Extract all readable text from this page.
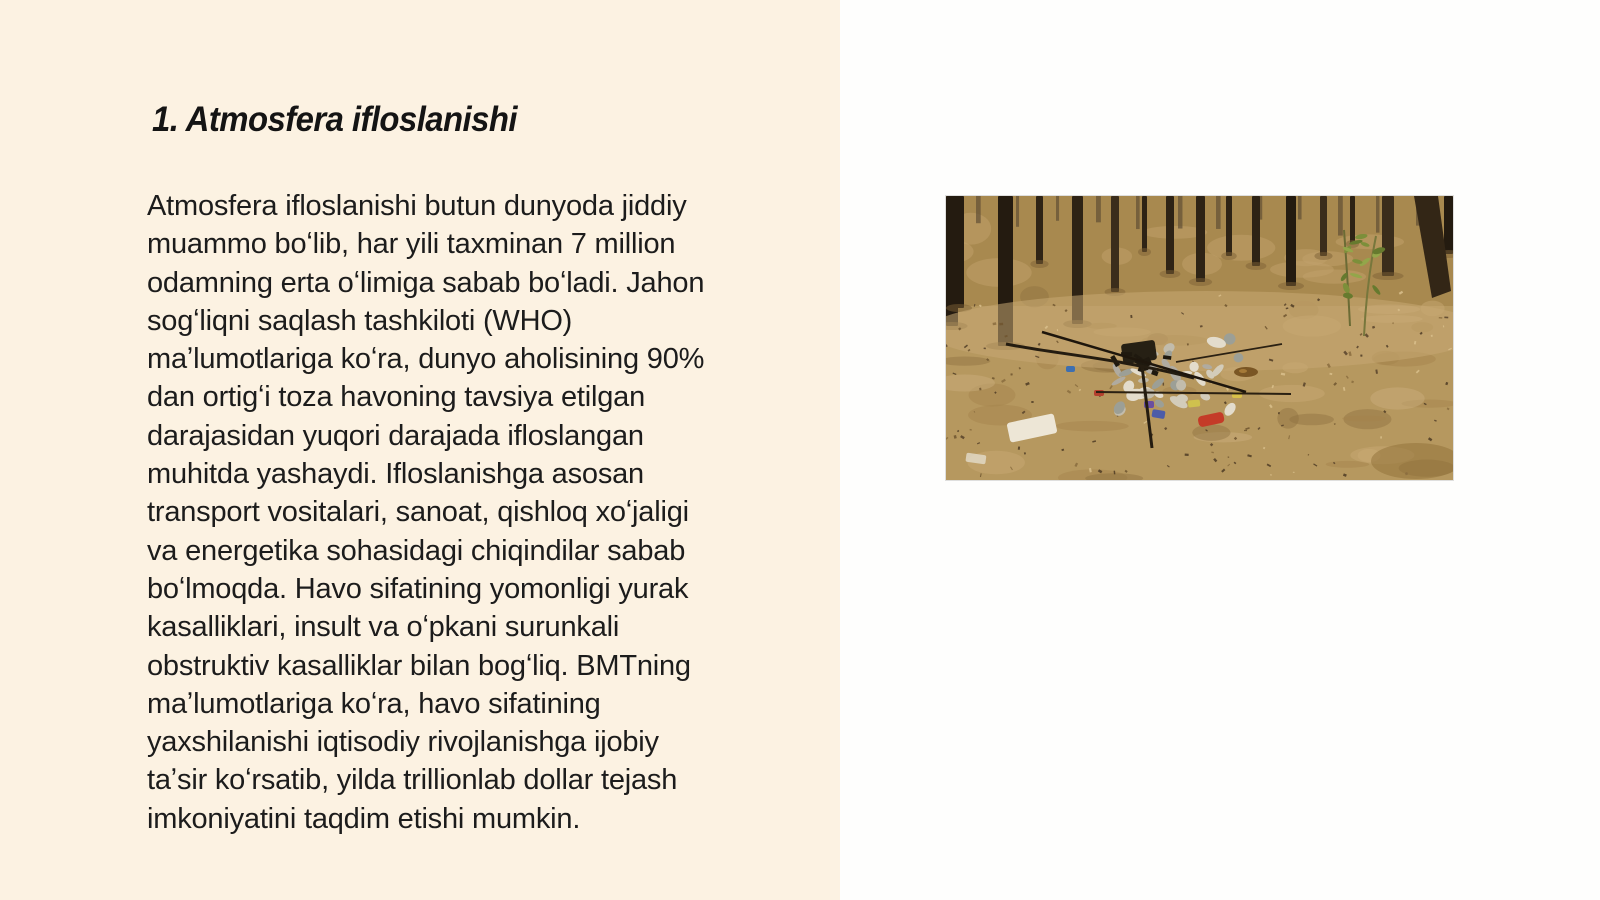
1. Atmosfera ifloslanishi
Atmosfera ifloslanishi butun dunyoda jiddiy
muammo boʻlib, har yili taxminan 7 million
odamning erta oʻlimiga sabab boʻladi. Jahon
sogʻliqni saqlash tashkiloti (WHO)
maʼlumotlariga koʻra, dunyo aholisining 90%
dan ortigʻi toza havoning tavsiya etilgan
darajasidan yuqori darajada ifloslangan
muhitda yashaydi. Ifloslanishga asosan
transport vositalari, sanoat, qishloq xoʻjaligi
va energetika sohasidagi chiqindilar sabab
boʻlmoqda. Havo sifatining yomonligi yurak
kasalliklari, insult va oʻpkani surunkali
obstruktiv kasalliklar bilan bogʻliq. BMTning
maʼlumotlariga koʻra, havo sifatining
yaxshilanishi iqtisodiy rivojlanishga ijobiy
taʼsir koʻrsatib, yilda trillionlab dollar tejash
imkoniyatini taqdim etishi mumkin.
